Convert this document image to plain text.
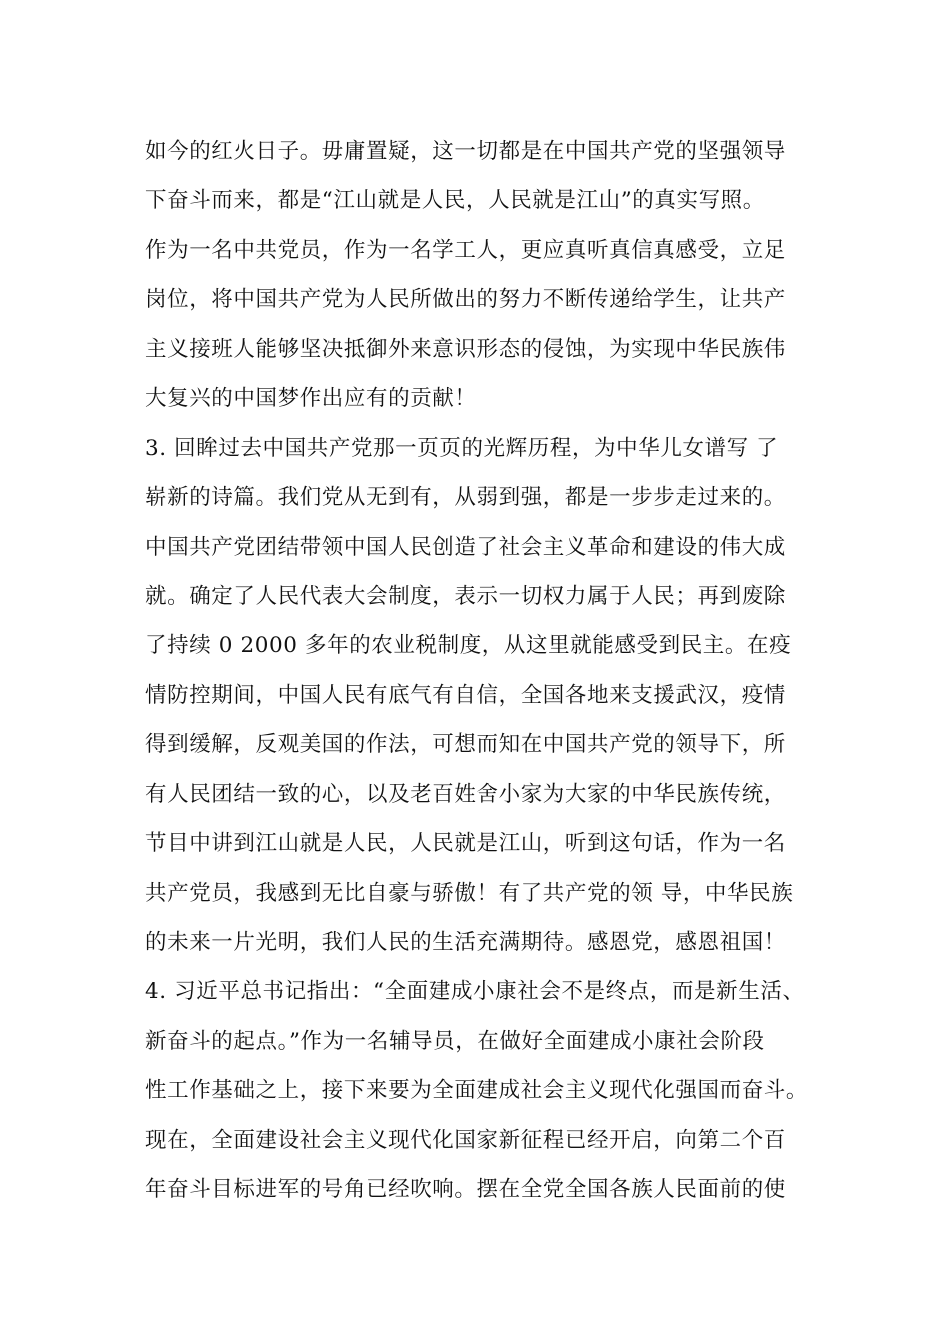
如今的红火日子。毋庸置疑，这一切都是在中国共产党的坚强领导
下奋斗而来，都是“江山就是人民，人民就是江山”的真实写照。
作为一名中共党员，作为一名学工人，更应真听真信真感受，立足
岗位，将中国共产党为人民所做出的努力不断传递给学生，让共产
主义接班人能够坚决抵御外来意识形态的侵蚀，为实现中华民族伟
大复兴的中国梦作出应有的贡献！
3. 回眸过去中国共产党那一页页的光辉历程，为中华儿女谱写 了
崭新的诗篇。我们党从无到有，从弱到强，都是一步步走过来的。
中国共产党团结带领中国人民创造了社会主义革命和建设的伟大成
就。确定了人民代表大会制度，表示一切权力属于人民；再到废除
了持续 0 2000 多年的农业税制度，从这里就能感受到民主。在疫
情防控期间，中国人民有底气有自信，全国各地来支援武汉，疫情
得到缓解，反观美国的作法，可想而知在中国共产党的领导下，所
有人民团结一致的心，以及老百姓舍小家为大家的中华民族传统，
节目中讲到江山就是人民，人民就是江山，听到这句话，作为一名
共产党员，我感到无比自豪与骄傲！有了共产党的领 导，中华民族
的未来一片光明，我们人民的生活充满期待。感恩党，感恩祖国！
4. 习近平总书记指出：“全面建成小康社会不是终点，而是新生活、
新奋斗的起点。”作为一名辅导员，在做好全面建成小康社会阶段
性工作基础之上，接下来要为全面建成社会主义现代化强国而奋斗。
现在，全面建设社会主义现代化国家新征程已经开启，向第二个百
年奋斗目标进军的号角已经吹响。摆在全党全国各族人民面前的使
